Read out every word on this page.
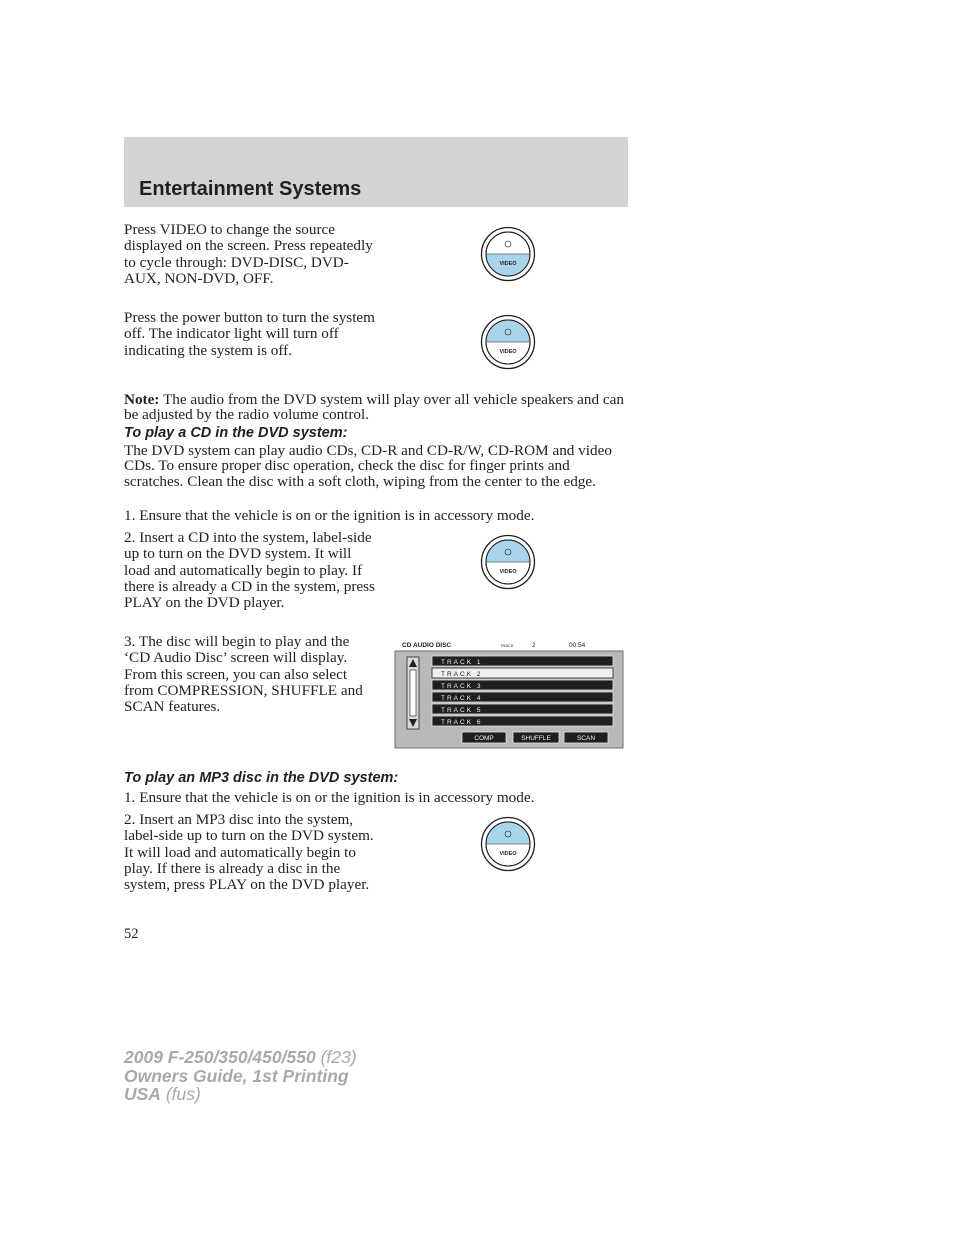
Entertainment Systems

Press VIDEO to change the source displayed on the screen. Press repeatedly to cycle through: DVD-DISC, DVD-AUX, NON-DVD, OFF.

VIDEO

Press the power button to turn the system off. The indicator light will turn off indicating the system is off.	VIDEO

Note: The audio from the DVD system will play over all vehicle speakers and can be adjusted by the radio volume control.

To play a CD in the DVD system:

The DVD system can play audio CDs, CD-R and CD-R/W, CD-ROM and video CDs. To ensure proper disc operation, check the disc for finger prints and scratches. Clean the disc with a soft cloth, wiping from the center to the edge.

1. Ensure that the vehicle is on or the ignition is in accessory mode.

2. Insert a CD into the system, label-side up to turn on the DVD system. It will load and automatically begin to play. If there is already a CD in the system, press PLAY on the DVD player.

VIDEO

3. The disc will begin to play and the ‘CD Audio Disc’ screen will display. From this screen, you can also select from COMPRESSION, SHUFFLE and SCAN features.

CD AUDIO DISC	TRACK	2	00:54
TRACK 1
TRACK 2
TRACK 3
TRACK 4
TRACK 5
TRACK 6
COMP	SHUFFLE	SCAN
To play an MP3 disc in the DVD system:

1. Ensure that the vehicle is on or the ignition is in accessory mode.

2. Insert an MP3 disc into the system, label-side up to turn on the DVD system. It will load and automatically begin to play. If there is already a disc in the system, press PLAY on the DVD player.

VIDEO

52

2009 F-250/350/450/550 (f23)
Owners Guide, 1st Printing
USA (fus)
